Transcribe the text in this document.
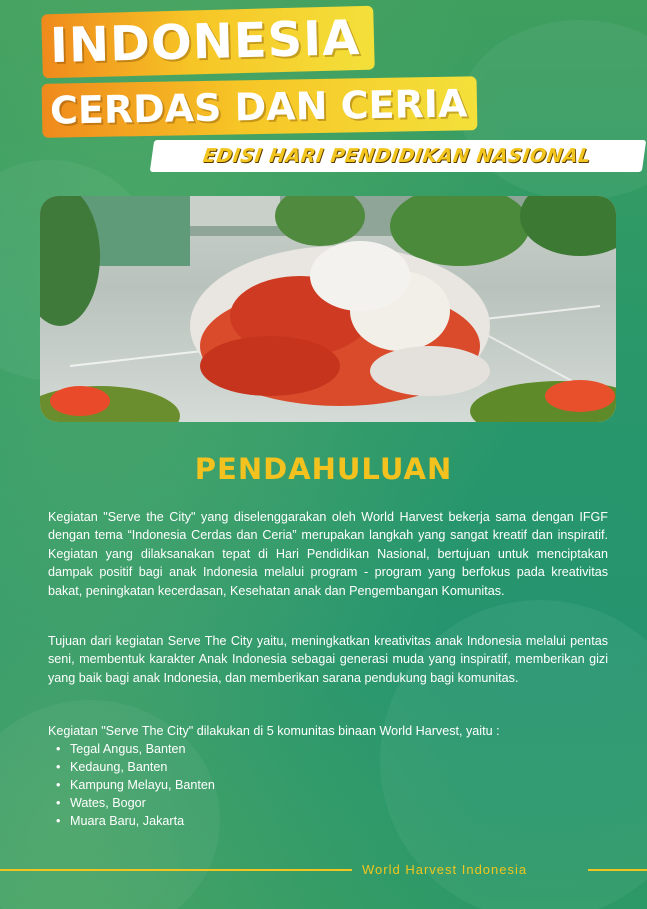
INDONESIA
CERDAS DAN CERIA
EDISI HARI PENDIDIKAN NASIONAL
PENDAHULUAN

Kegiatan "Serve the City" yang diselenggarakan oleh World Harvest bekerja sama dengan IFGF dengan tema “Indonesia Cerdas dan Ceria” merupakan langkah yang sangat kreatif dan inspiratif. Kegiatan yang dilaksanakan tepat di Hari Pendidikan Nasional, bertujuan untuk menciptakan dampak positif bagi anak Indonesia melalui program - program yang berfokus pada kreativitas bakat, peningkatan kecerdasan, Kesehatan anak dan Pengembangan Komunitas.

Tujuan dari kegiatan Serve The City yaitu, meningkatkan kreativitas anak Indonesia melalui pentas seni, membentuk karakter Anak Indonesia sebagai generasi muda yang inspiratif, memberikan gizi yang baik bagi anak Indonesia, dan memberikan sarana pendukung bagi komunitas.

Kegiatan "Serve The City" dilakukan di 5 komunitas binaan World Harvest, yaitu :

• Tegal Angus, Banten
• Kedaung, Banten
• Kampung Melayu, Banten
• Wates, Bogor
• Muara Baru, Jakarta
World Harvest Indonesia
